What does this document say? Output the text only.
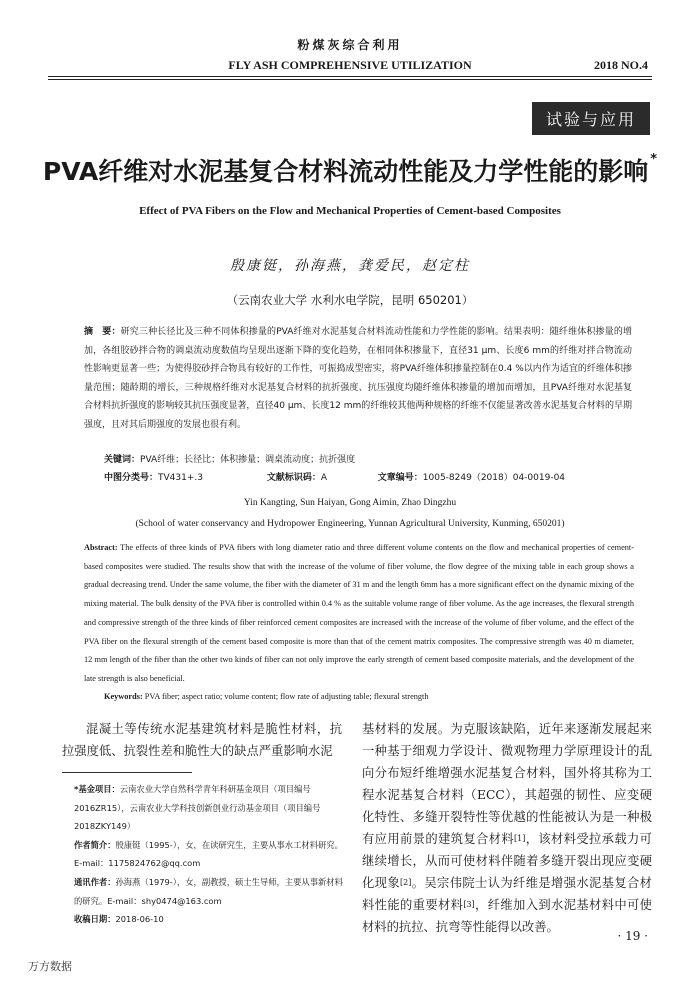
粉煤灰综合利用
FLY ASH COMPREHENSIVE UTILIZATION	2018 NO.4
试验与应用
PVA纤维对水泥基复合材料流动性能及力学性能的影响 *
Effect of PVA Fibers on the Flow and Mechanical Properties of Cement-based Composites
殷康铤，孙海燕，龚爱民，赵定柱
（云南农业大学 水利水电学院，昆明 650201）
摘　要：研究三种长径比及三种不同体积掺量的PVA纤维对水泥基复合材料流动性能和力学性能的影响。结果表明：随纤维体积掺量的增加，各组胶砂拌合物的调桌流动度数值均呈现出逐渐下降的变化趋势，在相同体积掺量下，直径31 μm、长度6 mm的纤维对拌合物流动性影响更显著一些；为使得胶砂拌合物具有较好的工作性，可振捣成型密实，将PVA纤维体积掺量控制在0.4 %以内作为适宜的纤维体积掺量范围；随龄期的增长，三种规格纤维对水泥基复合材料的抗折强度、抗压强度均随纤维体积掺量的增加而增加，且PVA纤维对水泥基复合材料抗折强度的影响较其抗压强度显著，直径40 μm、长度12 mm的纤维较其他两种规格的纤维不仅能显著改善水泥基复合材料的早期强度，且对其后期强度的发展也很有利。
关键词：PVA纤维；长径比；体积掺量；调桌流动度；抗折强度
中图分类号：TV431+.3	文献标识码：A	文章编号：1005-8249（2018）04-0019-04
Yin Kangting, Sun Haiyan, Gong Aimin, Zhao Dingzhu
(School of water conservancy and Hydropower Engineering, Yunnan Agricultural University, Kunming, 650201)
Abstract: The effects of three kinds of PVA fibers with long diameter ratio and three different volume contents on the flow and mechanical properties of cement-based composites were studied. The results show that with the increase of the volume of fiber volume, the flow degree of the mixing table in each group shows a gradual decreasing trend. Under the same volume, the fiber with the diameter of 31 m and the length 6mm has a more significant effect on the dynamic mixing of the mixing material. The bulk density of the PVA fiber is controlled within 0.4 % as the suitable volume range of fiber volume. As the age increases, the flexural strength and compressive strength of the three kinds of fiber reinforced cement composites are increased with the increase of the volume of fiber volume, and the effect of the PVA fiber on the flexural strength of the cement based composite is more than that of the cement matrix composites. The compressive strength was 40 m diameter, 12 mm length of the fiber than the other two kinds of fiber can not only improve the early strength of cement based composite materials, and the development of the late strength is also beneficial.
Keywords: PVA fiber; aspect ratio; volume content; flow rate of adjusting table; flexural strength
混凝土等传统水泥基建筑材料是脆性材料，抗拉强度低、抗裂性差和脆性大的缺点严重影响水泥

*基金项目：云南农业大学自然科学青年科研基金项目（项目编号2016ZR15），云南农业大学科技创新创业行动基金项目（项目编号2018ZKY149）

作者简介：殷康铤（1995-），女，在读研究生，主要从事水工材料研究。E-mail：1175824762@qq.com

通讯作者：孙海燕（1979-），女，副教授，硕士生导师，主要从事新材料的研究。E-mail：shy0474@163.com

收稿日期：2018-06-10

基材料的发展。为克服该缺陷，近年来逐渐发展起来一种基于细观力学设计、微观物理力学原理设计的乱向分布短纤维增强水泥基复合材料，国外将其称为工程水泥基复合材料（ECC），其超强的韧性、应变硬化特性、多缝开裂特性等优越的性能被认为是一种极有应用前景的建筑复合材料[1]，该材料受拉承载力可继续增长，从而可使材料伴随着多缝开裂出现应变硬化现象[2]。吴宗伟院士认为纤维是增强水泥基复合材料性能的重要材料[3]，纤维加入到水泥基材料中可使材料的抗拉、抗弯等性能得以改善。
· 19 ·
万方数据
